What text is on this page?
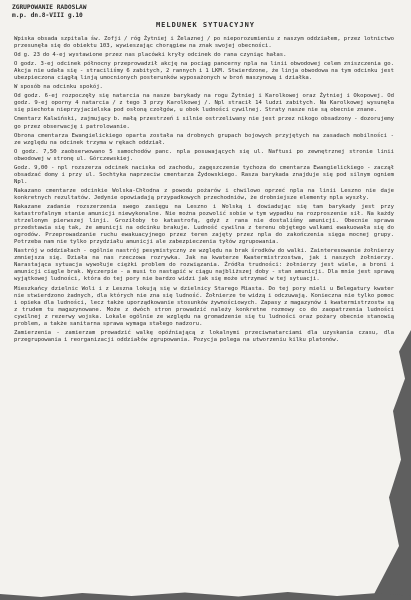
ZGRUPOWANIE RADOSLAW
m.p. dn.8-VIII g.10
MELDUNEK SYTUACYJNY

Wpiska obsada szpitala św. Zofji / róg Żytniej i Żelaznej / po nieporozumieniu z naszym oddziałem, przez lotnictwo przesunęła się do obiektu 103, wywieszając chorągiew na znak swojej obecności.

Od g. 23 do 4-ej wystawione przez nas placówki kryły odcinek do rana czyniąc hałas.

O godz. 3-ej odcinek północny przeprowadził akcję na pociąg pancerny npla na linii obwodowej celem zniszczenia go. Akcja nie udała się - straciliśmy 6 zabitych, 2 rannych i 1 LKM. Stwierdzone, że linja obwodowa na tym odcinku jest ubezpieczona ciągłą linją umocnionych posterunków wyposażonych w broń maszynową i działka.

W sposób na odcinku spokój.

Od godz. 6-ej rozpoczęły się natarcia na nasze barykady na rogu Żytniej i Karolkowej oraz Żytniej i Okopowej. Od godz. 9-ej oporny 4 natarcia / z tego 3 przy Karolkowej /. Npl stracił 14 ludzi zabitych. Na Karolkowej wysunęła się piechota nieprzyjacielska pod osłoną czołgów, u obok ludności cywilnej. Straty nasze nie są obecnie znane.

Cmentarz Kalwiński, zajmujący b. małą przestrzeń i silnie ostrzeliwany nie jest przez nikogo obsadzony - dozorujemy go przez obserwację i patrolowanie.

Obrona cmentarza Ewangielickiego oparta została na drobnych grupach bojowych przyjętych na zasadach mobilności - ze względu na odcinek trzyma w rękach oddział.

O godz. 7,50 zaobserwowano 5 samochodów panc. npla posuwających się ul. Naftusi po zewnętrznej stronie linii obwodowej w stronę ul. Górczewskiej.

Godz. 9,00 - npl rozszerza odcinek naciska od zachodu, zagęszczenie tychoza do cmentarza Ewangielickiego - zaczął obsadzać domy i przy ul. Sochtyka naprzeciw cmentarza Żydowskiego. Rasza barykada znajduje się pod silnym ogniem Npl.

Nakazano cmentarze odcinkie Wolska-Chłodna z powodu pożarów i chwilowo oprzeć npla na linii Leszno nie daje konkretnych rezultatów. Jedynie opowiadają przypadkowych przechodniów, że drobniejsze elementy npla wyszły.

Nakazane zadanie rozszerzenia swego zasięgu na Leszno i Wolską i dowiadując się tam barykady jest przy katastrofalnym stanie amunicji niewykonalne. Nie można pozwolić sobie w tym wypadku na rozproszenie sił. Na każdy strzelonym pierwszej linji. Groziłoby to katastrofą, gdyż z rana nie dostaliśmy amunicji. Obecnie sprawa przedstawia się tak, że amunicji na odcinku brakuje. Ludność cywilna z terenu objętego walkami ewakuowała się do ogrodów. Przeprowadzanie ruchu ewakuacyjnego przez teren zajęty przez npla do zakończenia sięga mocnej grupy. Potrzeba nam nie tylko przydziału amunicji ale zabezpieczenia tyłów zgrupowania.

Nastrój w oddziałach - ogólnie nastrój pesymistyczny ze względu na brak środków do walki. Zainteresowanie żołnierzy zmniejsza się. Działa na nas rzeczowa rozrywka. Jak na kwaterze Kwatermistrzostwa, jak i naszych żołnierzy. Narastająca sytuacja wywołuje ciężki problem do rozwiązania. Źródła trudności: żołnierzy jest wiele, a broni i amunicji ciągle brak. Wyczerpie - a musi to nastąpić w ciągu najbliższej doby - stan amunicji. Dla mnie jest sprawą wyjątkowej ludności, która do tej pory nie bardzo widzi jak się może utrzymać w tej sytuacji.

Mieszkańcy dzielnic Woli i z Leszna lokują się w dzielnicy Starego Miasta. Do tej pory mieli u Belegatury kwater nie stwierdzono żadnych, dla których nie zna się ludność. Żołnierze te widzą i odczuwają. Konieczna nie tylko pomoc i opieka dla ludności, lecz także uporządkowanie stosunków żywnościowych. Zapasy z magazynów i kwatermistrzostw są z trudem tu magazynowane. Może z dwóch stron prowadzić należy konkretne rozmowy co do zaopatrzenia ludności cywilnej z rezerwy wojska. Lokale ogólnie ze względu na gromadzenie się tu ludności oraz pożary obecnie stanowią problem, a także sanitarna sprawa wymaga stałego nadzoru.

Zamierzenia - zamierzam prowadzić walkę opóźniającą z lokalnymi przeciwnatarciami dla uzyskania czasu, dla przegrupowania i reorganizacji oddziałów zgrupowania. Pozycja polega na utworzeniu kilku platonów.
